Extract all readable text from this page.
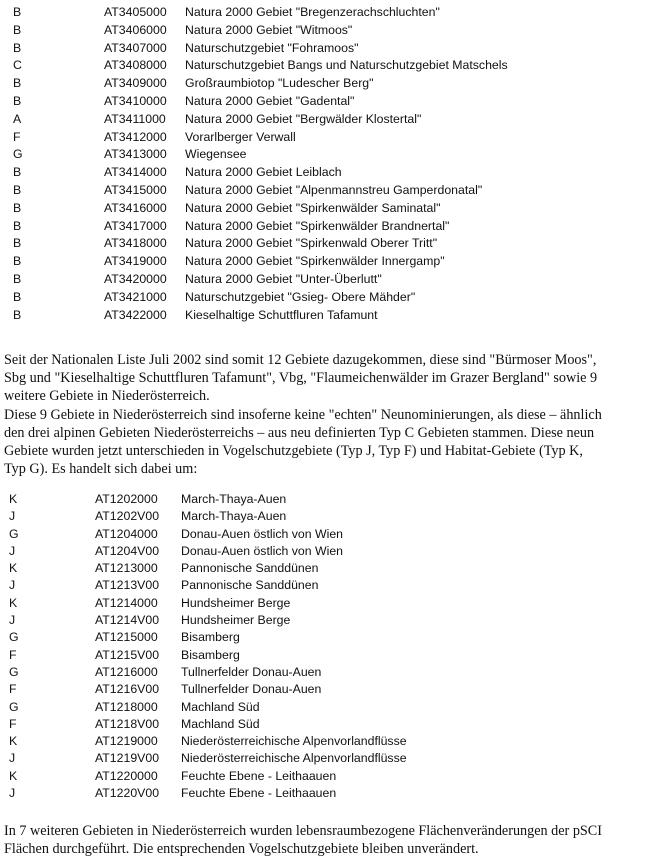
B	AT3405000 Natura 2000 Gebiet "Bregenzerachschluchten"
B	AT3406000 Natura 2000 Gebiet "Witmoos"
B	AT3407000 Naturschutzgebiet "Fohramoos"
C	AT3408000 Naturschutzgebiet Bangs und Naturschutzgebiet Matschels
B	AT3409000 Großraumbiotop "Ludescher Berg"
B	AT3410000 Natura 2000 Gebiet "Gadental"
A	AT3411000 Natura 2000 Gebiet "Bergwälder Klostertal"
F	AT3412000 Vorarlberger Verwall
G	AT3413000 Wiegensee
B	AT3414000 Natura 2000 Gebiet Leiblach
B	AT3415000 Natura 2000 Gebiet "Alpenmannstreu Gamperdonatal"
B	AT3416000 Natura 2000 Gebiet "Spirkenwälder Saminatal"
B	AT3417000 Natura 2000 Gebiet "Spirkenwälder Brandnertal"
B	AT3418000 Natura 2000 Gebiet "Spirkenwald Oberer Tritt"
B	AT3419000 Natura 2000 Gebiet "Spirkenwälder Innergamp"
B	AT3420000 Natura 2000 Gebiet "Unter-Überlutt"
B	AT3421000 Naturschutzgebiet "Gsieg- Obere Mähder"
B	AT3422000 Kieselhaltige Schuttfluren Tafamunt
Seit der Nationalen Liste Juli 2002 sind somit 12 Gebiete dazugekommen, diese sind "Bürmoser Moos",
Sbg und "Kieselhaltige Schuttfluren Tafamunt", Vbg, "Flaumeichenwälder im Grazer Bergland" sowie 9
weitere Gebiete in Niederösterreich.
Diese 9 Gebiete in Niederösterreich sind insoferne keine "echten" Neunominierungen, als diese – ähnlich
den drei alpinen Gebieten Niederösterreichs – aus neu definierten Typ C Gebieten stammen. Diese neun
Gebiete wurden jetzt unterschieden in Vogelschutzgebiete (Typ J, Typ F) und Habitat-Gebiete (Typ K,
Typ G). Es handelt sich dabei um:
K	AT1202000 March-Thaya-Auen
J	AT1202V00 March-Thaya-Auen
G	AT1204000 Donau-Auen östlich von Wien
J	AT1204V00 Donau-Auen östlich von Wien
K	AT1213000 Pannonische Sanddünen
J	AT1213V00 Pannonische Sanddünen
K	AT1214000 Hundsheimer Berge
J	AT1214V00 Hundsheimer Berge
G	AT1215000 Bisamberg
F	AT1215V00 Bisamberg
G	AT1216000 Tullnerfelder Donau-Auen
F	AT1216V00 Tullnerfelder Donau-Auen
G	AT1218000 Machland Süd
F	AT1218V00 Machland Süd
K	AT1219000 Niederösterreichische Alpenvorlandflüsse
J	AT1219V00 Niederösterreichische Alpenvorlandflüsse
K	AT1220000 Feuchte Ebene - Leithaauen
J	AT1220V00 Feuchte Ebene - Leithaauen
In 7 weiteren Gebieten in Niederösterreich wurden lebensraumbezogene Flächenveränderungen der pSCI
Flächen durchgeführt. Die entsprechenden Vogelschutzgebiete bleiben unverändert.
